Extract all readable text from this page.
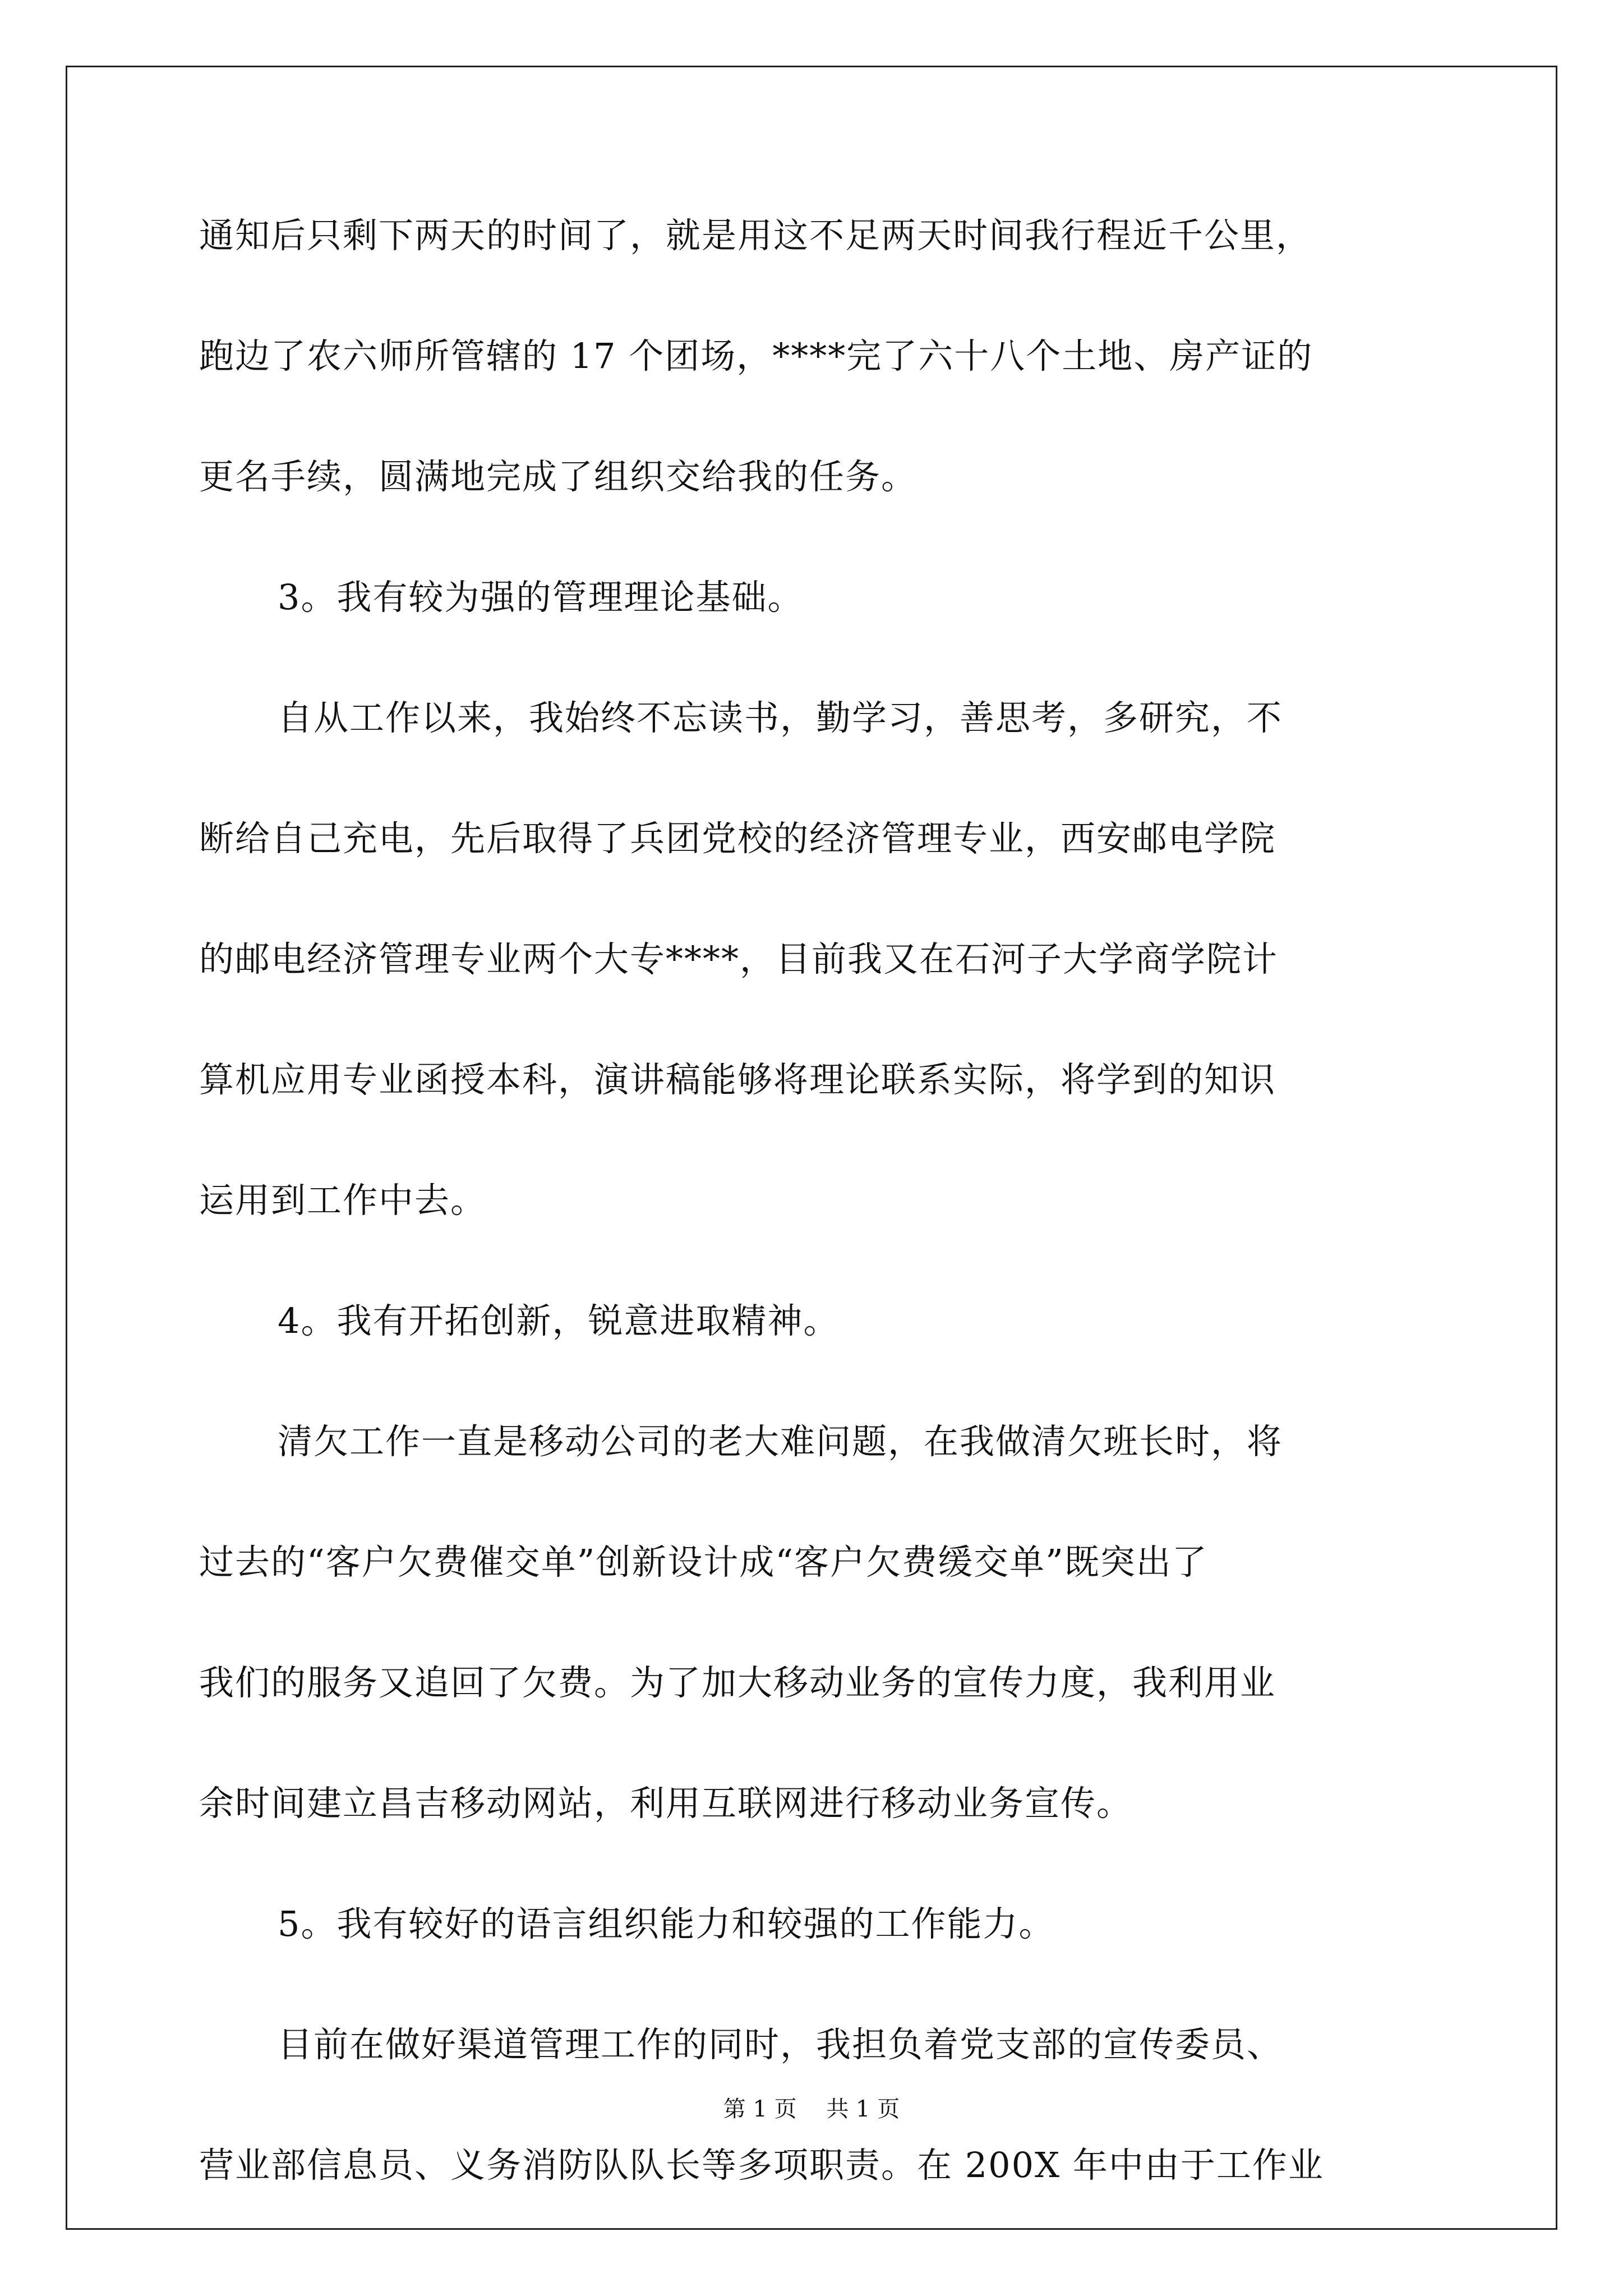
通知后只剩下两天的时间了，就是用这不足两天时间我行程近千公里，
跑边了农六师所管辖的 17 个团场，****完了六十八个土地、房产证的
更名手续，圆满地完成了组织交给我的任务。
3。我有较为强的管理理论基础。
自从工作以来，我始终不忘读书，勤学习，善思考，多研究，不
断给自己充电，先后取得了兵团党校的经济管理专业，西安邮电学院
的邮电经济管理专业两个大专****，目前我又在石河子大学商学院计
算机应用专业函授本科，演讲稿能够将理论联系实际，将学到的知识
运用到工作中去。
4。我有开拓创新，锐意进取精神。
清欠工作一直是移动公司的老大难问题，在我做清欠班长时，将
过去的“客户欠费催交单”创新设计成“客户欠费缓交单”既突出了
我们的服务又追回了欠费。为了加大移动业务的宣传力度，我利用业
余时间建立昌吉移动网站，利用互联网进行移动业务宣传。
5。我有较好的语言组织能力和较强的工作能力。
目前在做好渠道管理工作的同时，我担负着党支部的宣传委员、
营业部信息员、义务消防队队长等多项职责。在 200X 年中由于工作业
第 1 页　 共 1 页
